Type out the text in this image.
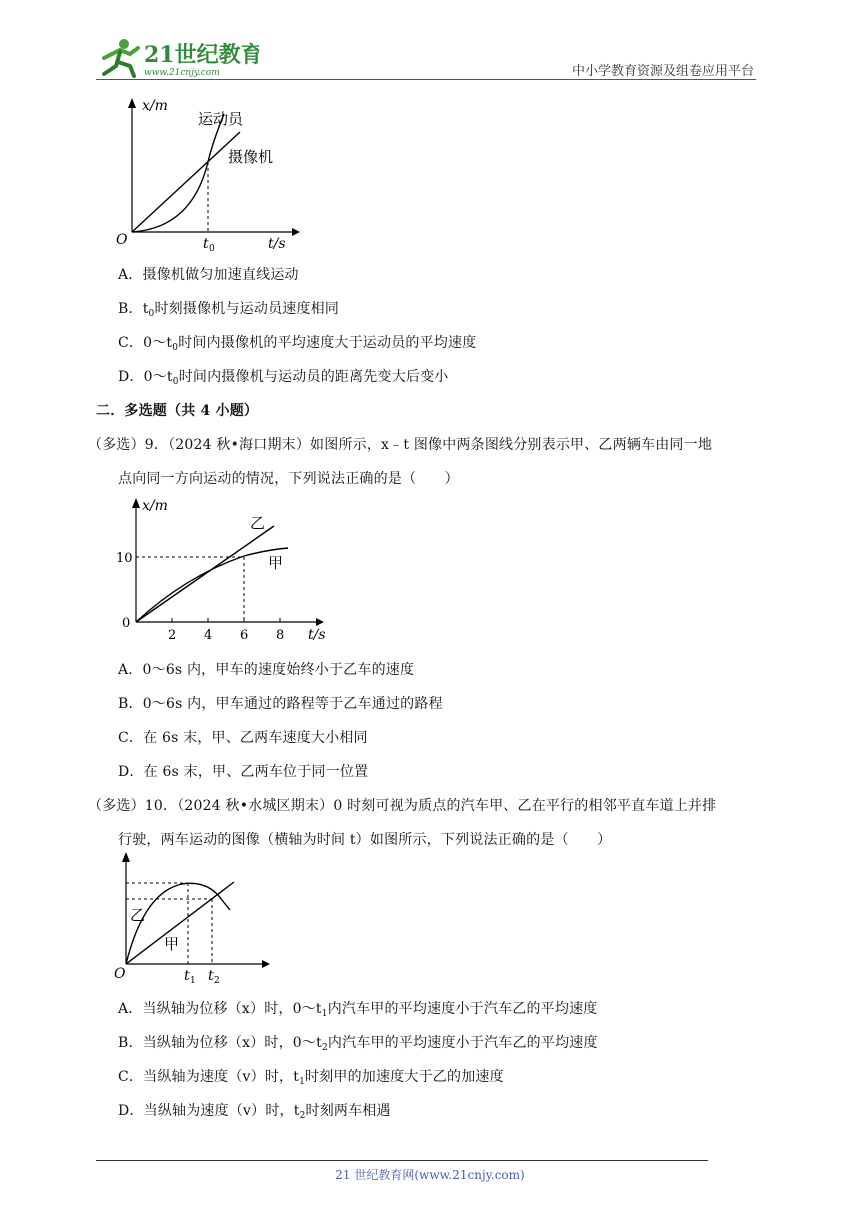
21世纪教育
www.21cnjy.com	中小学教育资源及组卷应用平台
x/m
t/s
O	t 0
运动员
摄像机
A．摄像机做匀加速直线运动
B．$t_0$时刻摄像机与运动员速度相同
C．$0\sim t_0$时间内摄像机的平均速度大于运动员的平均速度
D．$0\sim t_0$时间内摄像机与运动员的距离先变大后变小
二．多选题（共 4 小题）
（多选）9．（2024 秋•海口期末）如图所示，x﹣t 图像中两条图线分别表示甲、乙两辆车由同一地
点向同一方向运动的情况，下列说法正确的是（　　）
x/m
t/s
0
10
2 4 6 8
乙
甲
A．0～6s 内，甲车的速度始终小于乙车的速度
B．0～6s 内，甲车通过的路程等于乙车通过的路程
C．在 6s 末，甲、乙两车速度大小相同
D．在 6s 末，甲、乙两车位于同一位置
（多选）10．（2024 秋•水城区期末）0 时刻可视为质点的汽车甲、乙在平行的相邻平直车道上并排
行驶，两车运动的图像（横轴为时间 t）如图所示，下列说法正确的是（　　）
O	t 1 t 2
乙
甲
A．当纵轴为位移（x）时，$0\sim t_1$内汽车甲的平均速度小于汽车乙的平均速度
B．当纵轴为位移（x）时，$0\sim t_2$内汽车甲的平均速度小于汽车乙的平均速度
C．当纵轴为速度（v）时，$t_1$时刻甲的加速度大于乙的加速度
D．当纵轴为速度（v）时，$t_2$时刻两车相遇
21 世纪教育网(www.21cnjy.com)
